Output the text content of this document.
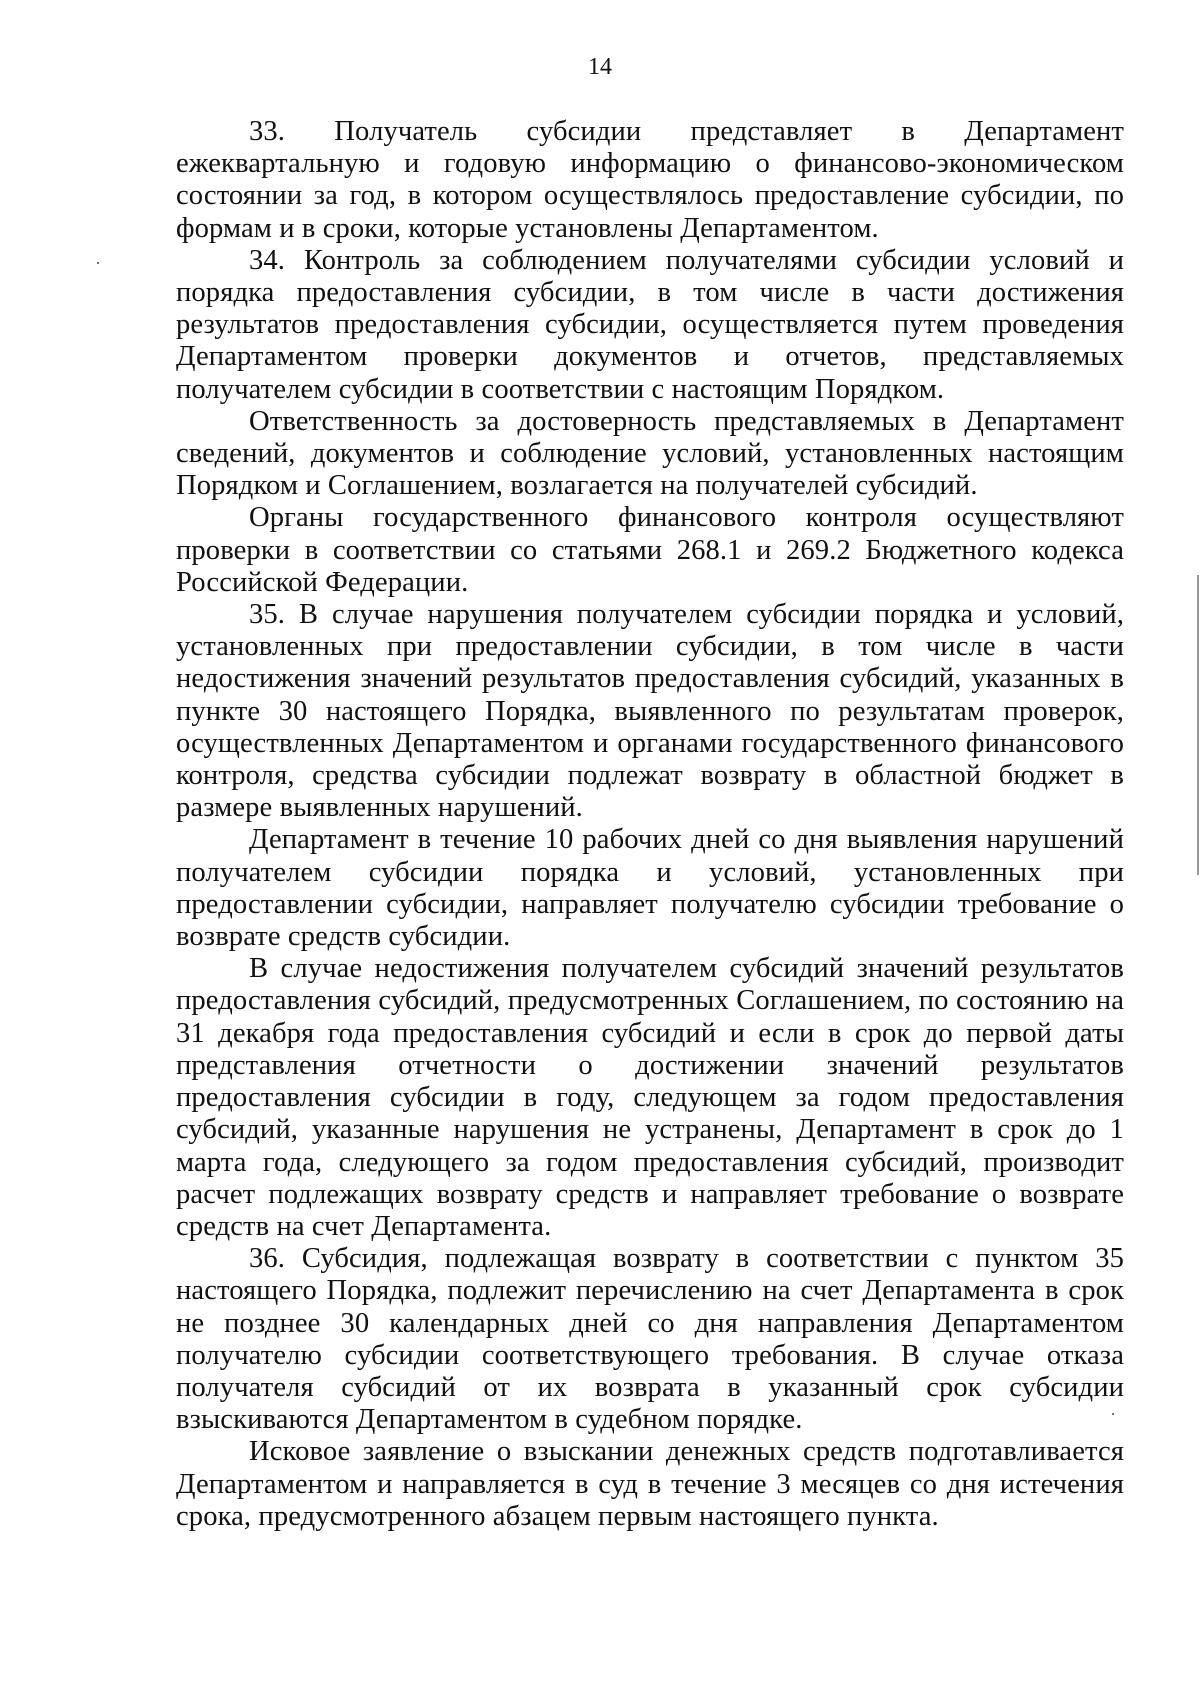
14

33. Получатель субсидии представляет в Департамент ежеквартальную и годовую информацию о финансово-экономическом состоянии за год, в котором осуществлялось предоставление субсидии, по формам и в сроки, которые установлены Департаментом.

34. Контроль за соблюдением получателями субсидии условий и порядка предоставления субсидии, в том числе в части достижения результатов предоставления субсидии, осуществляется путем проведения Департаментом проверки документов и отчетов, представляемых получателем субсидии в соответствии с настоящим Порядком.

Ответственность за достоверность представляемых в Департамент сведений, документов и соблюдение условий, установленных настоящим Порядком и Соглашением, возлагается на получателей субсидий.

Органы государственного финансового контроля осуществляют проверки в соответствии со статьями 268.1 и 269.2 Бюджетного кодекса Российской Федерации.

35. В случае нарушения получателем субсидии порядка и условий, установленных при предоставлении субсидии, в том числе в части недостижения значений результатов предоставления субсидий, указанных в пункте 30 настоящего Порядка, выявленного по результатам проверок, осуществленных Департаментом и органами государственного финансового контроля, средства субсидии подлежат возврату в областной бюджет в размере выявленных нарушений.

Департамент в течение 10 рабочих дней со дня выявления нарушений получателем субсидии порядка и условий, установленных при предоставлении субсидии, направляет получателю субсидии требование о возврате средств субсидии.

В случае недостижения получателем субсидий значений результатов предоставления субсидий, предусмотренных Соглашением, по состоянию на 31 декабря года предоставления субсидий и если в срок до первой даты представления отчетности о достижении значений результатов предоставления субсидии в году, следующем за годом предоставления субсидий, указанные нарушения не устранены, Департамент в срок до 1 марта года, следующего за годом предоставления субсидий, производит расчет подлежащих возврату средств и направляет требование о возврате средств на счет Департамента.

36. Субсидия, подлежащая возврату в соответствии с пунктом 35 настоящего Порядка, подлежит перечислению на счет Департамента в срок не позднее 30 календарных дней со дня направления Департаментом получателю субсидии соответствующего требования. В случае отказа получателя субсидий от их возврата в указанный срок субсидии взыскиваются Департаментом в судебном порядке.

Исковое заявление о взыскании денежных средств подготавливается Департаментом и направляется в суд в течение 3 месяцев со дня истечения срока, предусмотренного абзацем первым настоящего пункта.
